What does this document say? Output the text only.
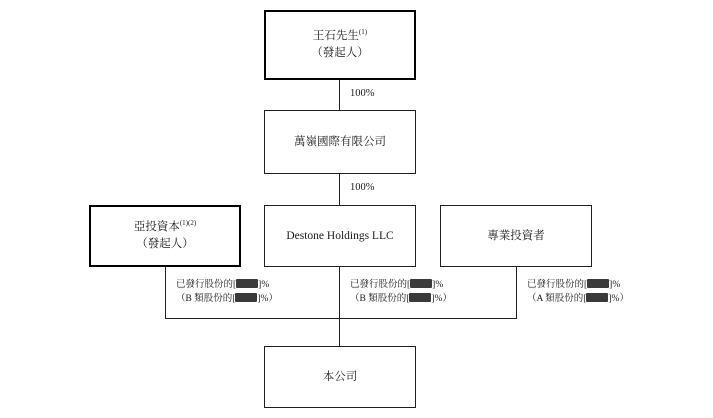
王石先生$^{(1)}$
（發起人）
100%
萬嶺國際有限公司
100%
亞投資本$^{(1)(2)}$
（發起人）
Destone Holdings LLC	專業投資者
已發行股份的[ ]%
（B 類股份的[ ]%）
已發行股份的[ ]%
（B 類股份的[ ]%）
已發行股份的[ ]%
（A 類股份的[ ]%）
本公司
